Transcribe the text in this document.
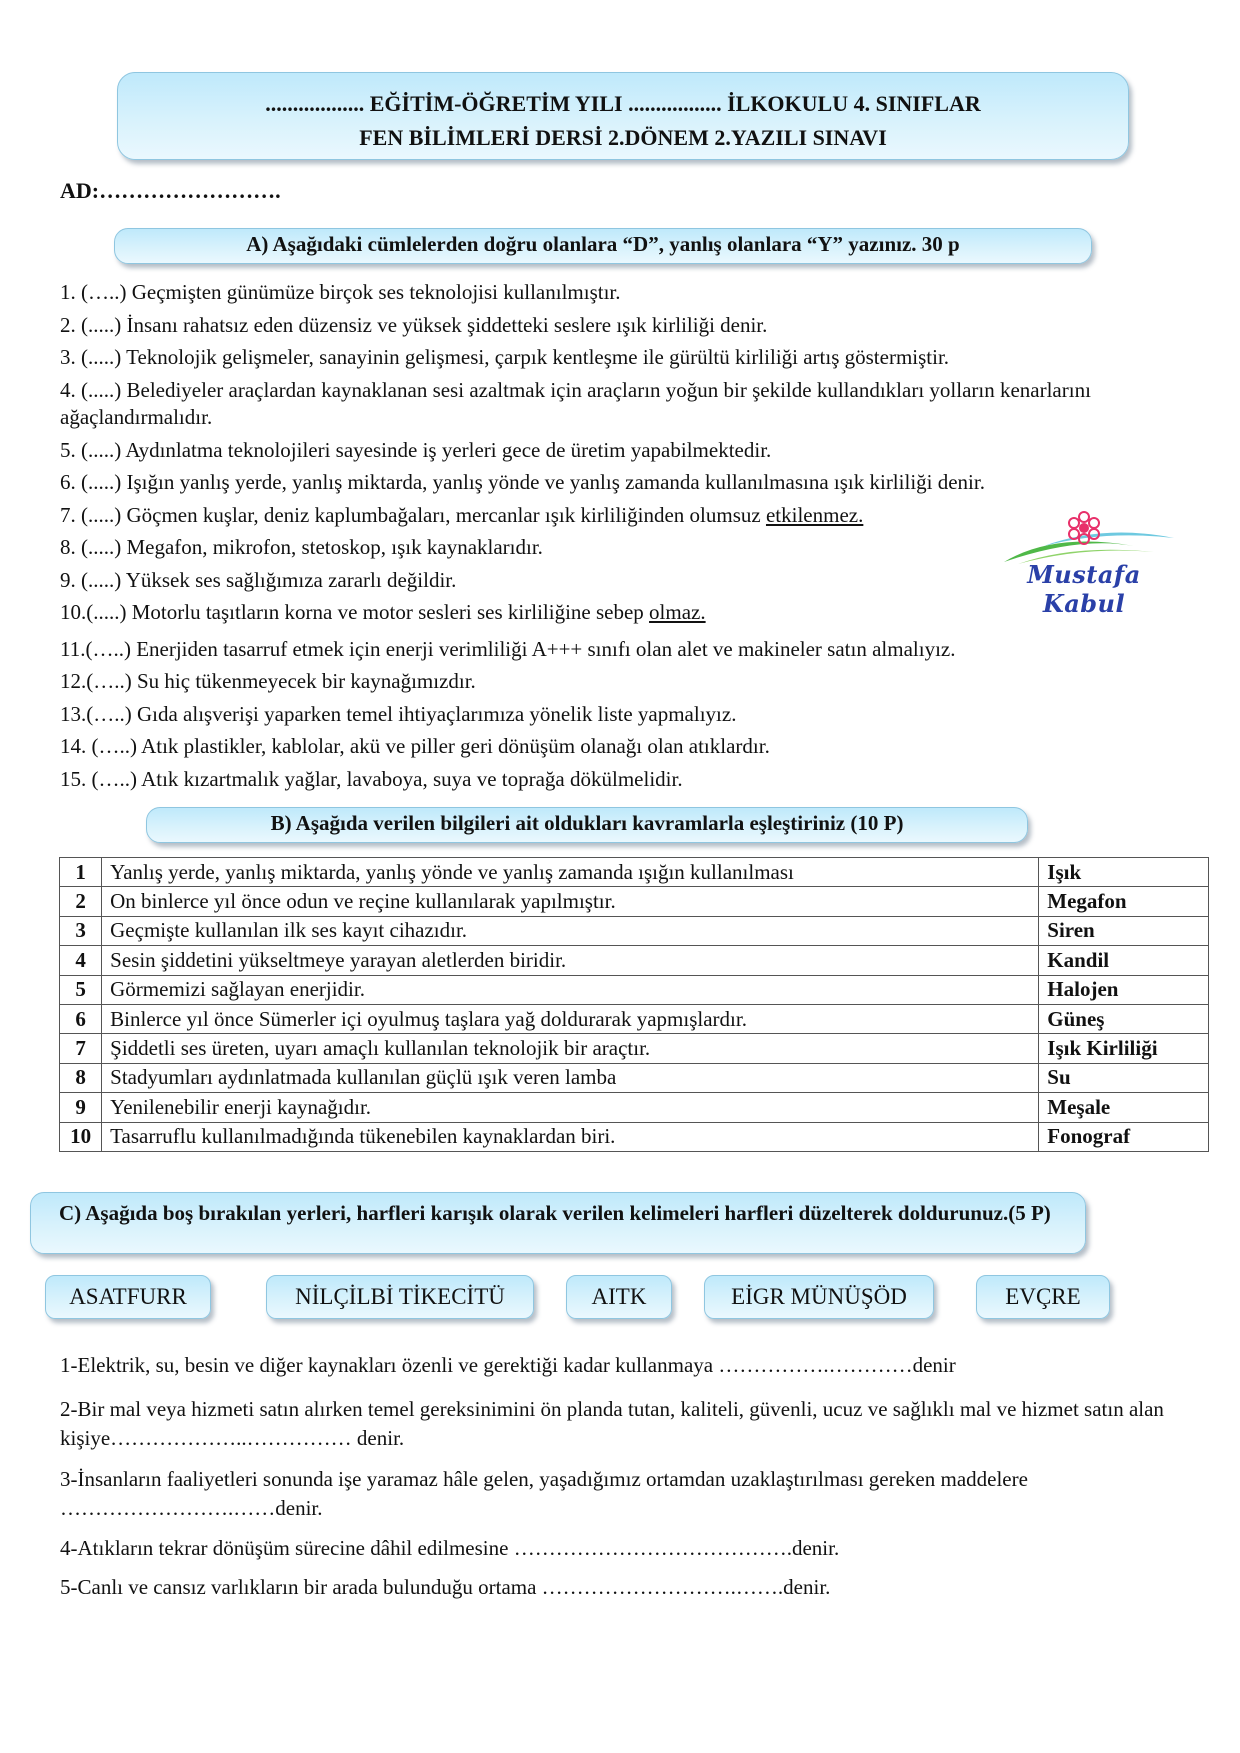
.................. EĞİTİM-ÖĞRETİM YILI ................. İLKOKULU 4. SINIFLAR
FEN BİLİMLERİ DERSİ 2.DÖNEM 2.YAZILI SINAVI
AD:…………………….
A) Aşağıdaki cümlelerden doğru olanlara “D”, yanlış olanlara “Y” yazınız. 30 p
1. (…..) Geçmişten günümüze birçok ses teknolojisi kullanılmıştır.
2. (.....) İnsanı rahatsız eden düzensiz ve yüksek şiddetteki seslere ışık kirliliği denir.
3. (.....) Teknolojik gelişmeler, sanayinin gelişmesi, çarpık kentleşme ile gürültü kirliliği artış göstermiştir.
4. (.....) Belediyeler araçlardan kaynaklanan sesi azaltmak için araçların yoğun bir şekilde kullandıkları yolların kenarlarını ağaçlandırmalıdır.
5. (.....) Aydınlatma teknolojileri sayesinde iş yerleri gece de üretim yapabilmektedir.
6. (.....) Işığın yanlış yerde, yanlış miktarda, yanlış yönde ve yanlış zamanda kullanılmasına ışık kirliliği denir.
7. (.....) Göçmen kuşlar, deniz kaplumbağaları, mercanlar ışık kirliliğinden olumsuz etkilenmez.
8. (.....) Megafon, mikrofon, stetoskop, ışık kaynaklarıdır.
9. (.....) Yüksek ses sağlığımıza zararlı değildir.
10.(.....) Motorlu taşıtların korna ve motor sesleri ses kirliliğine sebep olmaz.
11.(…..) Enerjiden tasarruf etmek için enerji verimliliği A+++ sınıfı olan alet ve makineler satın almalıyız.
12.(…..) Su hiç tükenmeyecek bir kaynağımızdır.
13.(…..) Gıda alışverişi yaparken temel ihtiyaçlarımıza yönelik liste yapmalıyız.
14. (…..) Atık plastikler, kablolar, akü ve piller geri dönüşüm olanağı olan atıklardır.
15. (…..) Atık kızartmalık yağlar, lavaboya, suya ve toprağa dökülmelidir.
Mustafa Kabul
B) Aşağıda verilen bilgileri ait oldukları kavramlarla eşleştiriniz (10 P)
1	Yanlış yerde, yanlış miktarda, yanlış yönde ve yanlış zamanda ışığın kullanılması	Işık
2	On binlerce yıl önce odun ve reçine kullanılarak yapılmıştır.	Megafon
3	Geçmişte kullanılan ilk ses kayıt cihazıdır.	Siren
4	Sesin şiddetini yükseltmeye yarayan aletlerden biridir.	Kandil
5	Görmemizi sağlayan enerjidir.	Halojen
6	Binlerce yıl önce Sümerler içi oyulmuş taşlara yağ doldurarak yapmışlardır.	Güneş
7	Şiddetli ses üreten, uyarı amaçlı kullanılan teknolojik bir araçtır.	Işık Kirliliği
8	Stadyumları aydınlatmada kullanılan güçlü ışık veren lamba	Su
9	Yenilenebilir enerji kaynağıdır.	Meşale
10	Tasarruflu kullanılmadığında tükenebilen kaynaklardan biri.	Fonograf
C) Aşağıda boş bırakılan yerleri, harfleri karışık olarak verilen kelimeleri harfleri düzelterek doldurunuz.(5 P)
ASATFURR	NİLÇİLBİ TİKECİTÜ	AITK	EİGR MÜNÜŞÖD	EVÇRE
1-Elektrik, su, besin ve diğer kaynakları özenli ve gerektiği kadar kullanmaya …………….…………denir
2-Bir mal veya hizmeti satın alırken temel gereksinimini ön planda tutan, kaliteli, güvenli, ucuz ve sağlıklı mal ve hizmet satın alan kişiye………………..…………… denir.
3-İnsanların faaliyetleri sonunda işe yaramaz hâle gelen, yaşadığımız ortamdan uzaklaştırılması gereken maddelere …………………….……denir.
4-Atıkların tekrar dönüşüm sürecine dâhil edilmesine ………………………………….denir.
5-Canlı ve cansız varlıkların bir arada bulunduğu ortama ……………………….…….denir.
